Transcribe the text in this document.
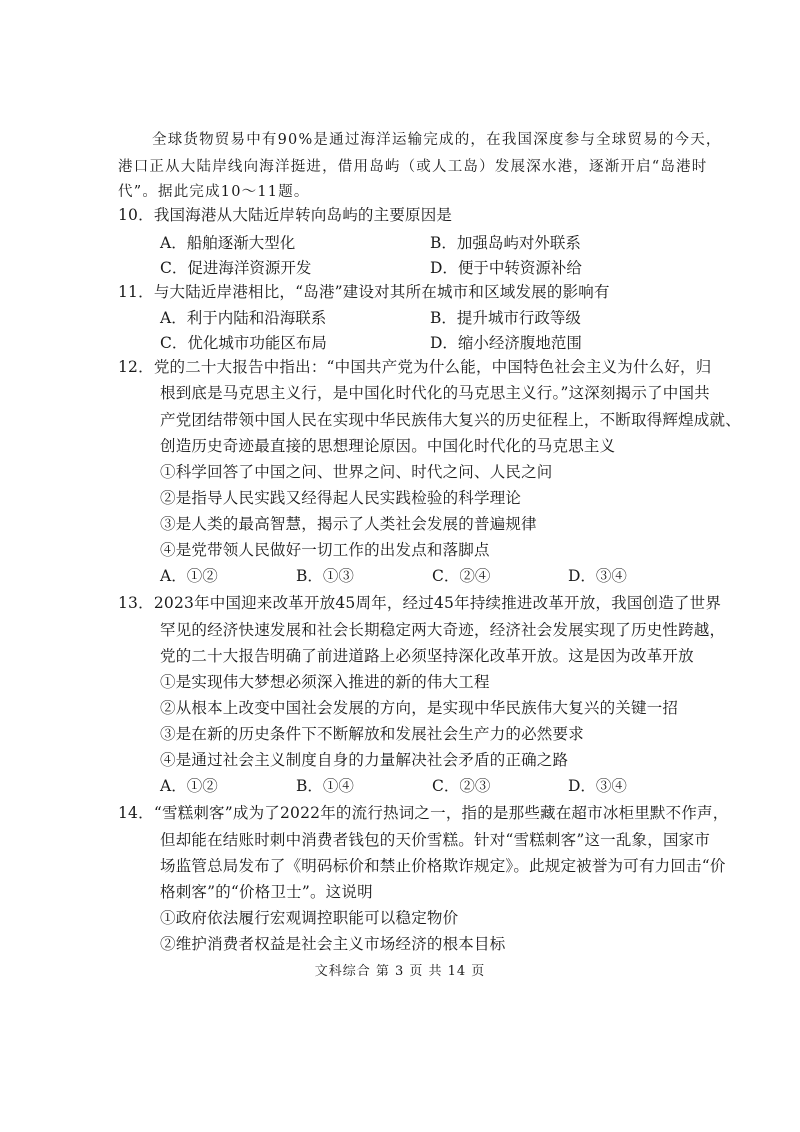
全球货物贸易中有90%是通过海洋运输完成的，在我国深度参与全球贸易的今天，
港口正从大陆岸线向海洋挺进，借用岛屿（或人工岛）发展深水港，逐渐开启“岛港时
代”。据此完成10～11题。
10．我国海港从大陆近岸转向岛屿的主要原因是
A．船舶逐渐大型化	B．加强岛屿对外联系
C．促进海洋资源开发	D．便于中转资源补给
11．与大陆近岸港相比，“岛港”建设对其所在城市和区域发展的影响有
A．利于内陆和沿海联系	B．提升城市行政等级
C．优化城市功能区布局	D．缩小经济腹地范围
12．党的二十大报告中指出：“中国共产党为什么能，中国特色社会主义为什么好，归
根到底是马克思主义行，是中国化时代化的马克思主义行。”这深刻揭示了中国共
产党团结带领中国人民在实现中华民族伟大复兴的历史征程上，不断取得辉煌成就、
创造历史奇迹最直接的思想理论原因。中国化时代化的马克思主义
①科学回答了中国之问、世界之问、时代之问、人民之问
②是指导人民实践又经得起人民实践检验的科学理论
③是人类的最高智慧，揭示了人类社会发展的普遍规律
④是党带领人民做好一切工作的出发点和落脚点
A．①②	B．①③	C．②④	D．③④
13．2023年中国迎来改革开放45周年，经过45年持续推进改革开放，我国创造了世界
罕见的经济快速发展和社会长期稳定两大奇迹，经济社会发展实现了历史性跨越，
党的二十大报告明确了前进道路上必须坚持深化改革开放。这是因为改革开放
①是实现伟大梦想必须深入推进的新的伟大工程
②从根本上改变中国社会发展的方向，是实现中华民族伟大复兴的关键一招
③是在新的历史条件下不断解放和发展社会生产力的必然要求
④是通过社会主义制度自身的力量解决社会矛盾的正确之路
A．①②	B．①④	C．②③	D．③④
14．“雪糕刺客”成为了2022年的流行热词之一，指的是那些藏在超市冰柜里默不作声，
但却能在结账时刺中消费者钱包的天价雪糕。针对“雪糕刺客”这一乱象，国家市
场监管总局发布了《明码标价和禁止价格欺诈规定》。此规定被誉为可有力回击“价
格刺客”的“价格卫士”。这说明
①政府依法履行宏观调控职能可以稳定物价
②维护消费者权益是社会主义市场经济的根本目标
文科综合 第 3 页 共 14 页
